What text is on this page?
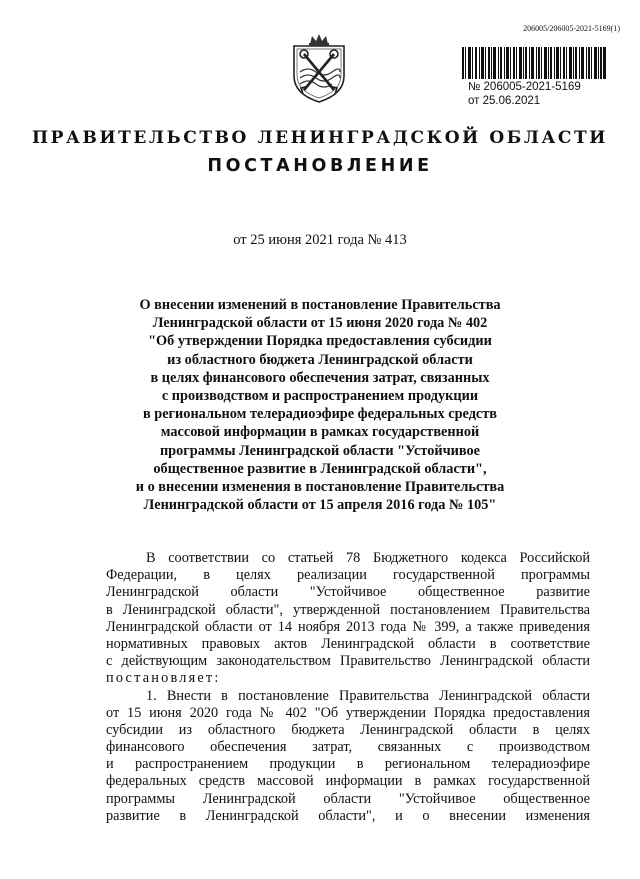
206005/206005-2021-5169(1)
№ 206005-2021-5169
от 25.06.2021
ПРАВИТЕЛЬСТВО ЛЕНИНГРАДСКОЙ ОБЛАСТИ
ПОСТАНОВЛЕНИЕ
от 25 июня 2021 года № 413
О внесении изменений в постановление Правительства
Ленинградской области от 15 июня 2020 года № 402
"Об утверждении Порядка предоставления субсидии
из областного бюджета Ленинградской области
в целях финансового обеспечения затрат, связанных
с производством и распространением продукции
в региональном телерадиоэфире федеральных средств
массовой информации в рамках государственной
программы Ленинградской области "Устойчивое
общественное развитие в Ленинградской области",
и о внесении изменения в постановление Правительства
Ленинградской области от 15 апреля 2016 года № 105"
В соответствии со статьей 78 Бюджетного кодекса Российской
Федерации, в целях реализации государственной программы
Ленинградской области "Устойчивое общественное развитие
в Ленинградской области", утвержденной постановлением Правительства
Ленинградской области от 14 ноября 2013 года № 399, а также приведения
нормативных правовых актов Ленинградской области в соответствие
с действующим законодательством Правительство Ленинградской области
постановляет:
1. Внести в постановление Правительства Ленинградской области
от 15 июня 2020 года № 402 "Об утверждении Порядка предоставления
субсидии из областного бюджета Ленинградской области в целях
финансового обеспечения затрат, связанных с производством
и распространением продукции в региональном телерадиоэфире
федеральных средств массовой информации в рамках государственной
программы Ленинградской области "Устойчивое общественное
развитие в Ленинградской области", и о внесении изменения
